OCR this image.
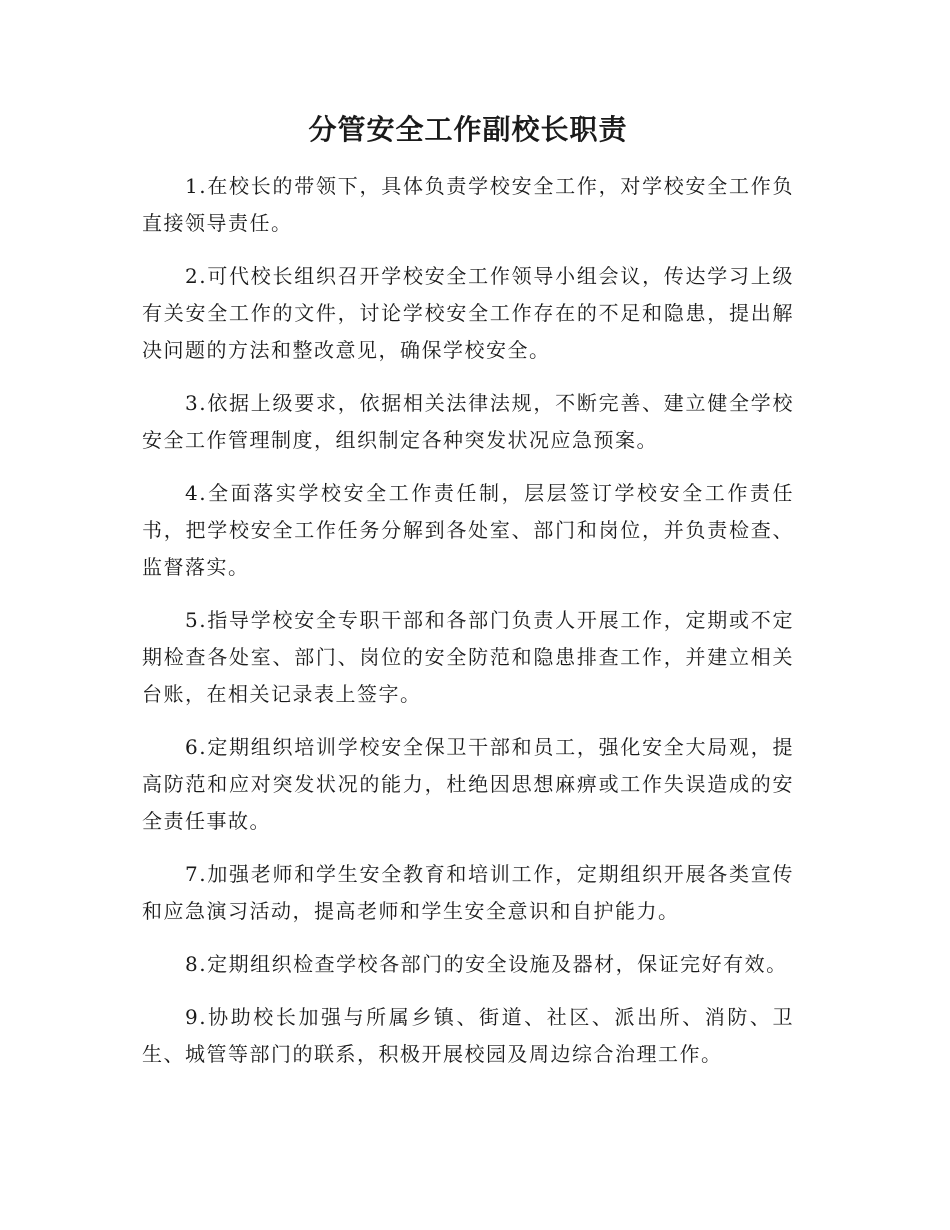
分管安全工作副校长职责

1.在校长的带领下，具体负责学校安全工作，对学校安全工作负直接领导责任。

2.可代校长组织召开学校安全工作领导小组会议，传达学习上级有关安全工作的文件，讨论学校安全工作存在的不足和隐患，提出解决问题的方法和整改意见，确保学校安全。

3.依据上级要求，依据相关法律法规，不断完善、建立健全学校安全工作管理制度，组织制定各种突发状况应急预案。

4.全面落实学校安全工作责任制，层层签订学校安全工作责任书，把学校安全工作任务分解到各处室、部门和岗位，并负责检查、监督落实。

5.指导学校安全专职干部和各部门负责人开展工作，定期或不定期检查各处室、部门、岗位的安全防范和隐患排查工作，并建立相关台账，在相关记录表上签字。

6.定期组织培训学校安全保卫干部和员工，强化安全大局观，提高防范和应对突发状况的能力，杜绝因思想麻痹或工作失误造成的安全责任事故。

7.加强老师和学生安全教育和培训工作，定期组织开展各类宣传和应急演习活动，提高老师和学生安全意识和自护能力。

8.定期组织检查学校各部门的安全设施及器材，保证完好有效。

9.协助校长加强与所属乡镇、街道、社区、派出所、消防、卫生、城管等部门的联系，积极开展校园及周边综合治理工作。
